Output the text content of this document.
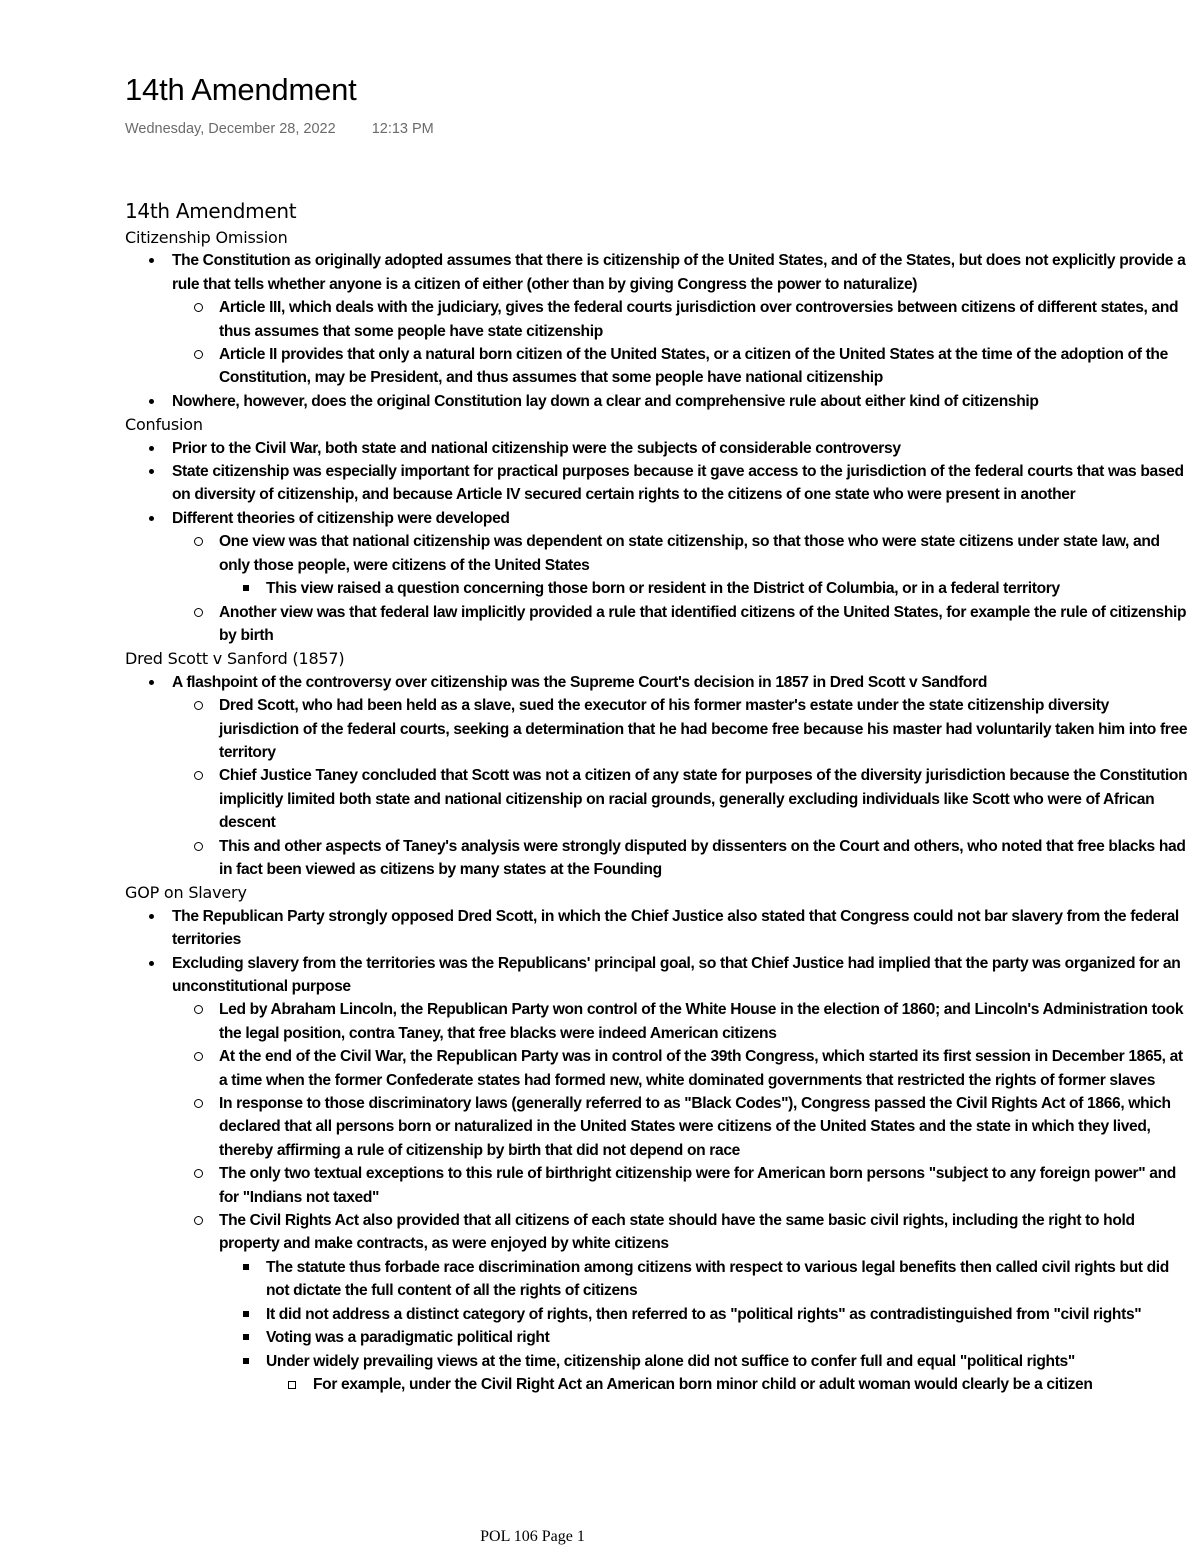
14th Amendment
Wednesday, December 28, 2022 12:13 PM
14th Amendment
Citizenship Omission
The Constitution as originally adopted assumes that there is citizenship of the United States, and of the States, but does not explicitly provide a rule that tells whether anyone is a citizen of either (other than by giving Congress the power to naturalize)
Article III, which deals with the judiciary, gives the federal courts jurisdiction over controversies between citizens of different states, and thus assumes that some people have state citizenship
Article II provides that only a natural born citizen of the United States, or a citizen of the United States at the time of the adoption of the Constitution, may be President, and thus assumes that some people have national citizenship
Nowhere, however, does the original Constitution lay down a clear and comprehensive rule about either kind of citizenship
Confusion
Prior to the Civil War, both state and national citizenship were the subjects of considerable controversy
State citizenship was especially important for practical purposes because it gave access to the jurisdiction of the federal courts that was based on diversity of citizenship, and because Article IV secured certain rights to the citizens of one state who were present in another
Different theories of citizenship were developed
One view was that national citizenship was dependent on state citizenship, so that those who were state citizens under state law, and only those people, were citizens of the United States
This view raised a question concerning those born or resident in the District of Columbia, or in a federal territory
Another view was that federal law implicitly provided a rule that identified citizens of the United States, for example the rule of citizenship by birth
Dred Scott v Sanford (1857)
A flashpoint of the controversy over citizenship was the Supreme Court's decision in 1857 in Dred Scott v Sandford
Dred Scott, who had been held as a slave, sued the executor of his former master's estate under the state citizenship diversity jurisdiction of the federal courts, seeking a determination that he had become free because his master had voluntarily taken him into free territory
Chief Justice Taney concluded that Scott was not a citizen of any state for purposes of the diversity jurisdiction because the Constitution implicitly limited both state and national citizenship on racial grounds, generally excluding individuals like Scott who were of African descent
This and other aspects of Taney's analysis were strongly disputed by dissenters on the Court and others, who noted that free blacks had in fact been viewed as citizens by many states at the Founding
GOP on Slavery
The Republican Party strongly opposed Dred Scott, in which the Chief Justice also stated that Congress could not bar slavery from the federal territories
Excluding slavery from the territories was the Republicans' principal goal, so that Chief Justice had implied that the party was organized for an unconstitutional purpose
Led by Abraham Lincoln, the Republican Party won control of the White House in the election of 1860; and Lincoln's Administration took the legal position, contra Taney, that free blacks were indeed American citizens
At the end of the Civil War, the Republican Party was in control of the 39th Congress, which started its first session in December 1865, at a time when the former Confederate states had formed new, white dominated governments that restricted the rights of former slaves
In response to those discriminatory laws (generally referred to as "Black Codes"), Congress passed the Civil Rights Act of 1866, which declared that all persons born or naturalized in the United States were citizens of the United States and the state in which they lived, thereby affirming a rule of citizenship by birth that did not depend on race
The only two textual exceptions to this rule of birthright citizenship were for American born persons "subject to any foreign power" and for "Indians not taxed"
The Civil Rights Act also provided that all citizens of each state should have the same basic civil rights, including the right to hold property and make contracts, as were enjoyed by white citizens
The statute thus forbade race discrimination among citizens with respect to various legal benefits then called civil rights but did not dictate the full content of all the rights of citizens
It did not address a distinct category of rights, then referred to as "political rights" as contradistinguished from "civil rights"
Voting was a paradigmatic political right
Under widely prevailing views at the time, citizenship alone did not suffice to confer full and equal "political rights"
For example, under the Civil Right Act an American born minor child or adult woman would clearly be a citizen
POL 106 Page 1
